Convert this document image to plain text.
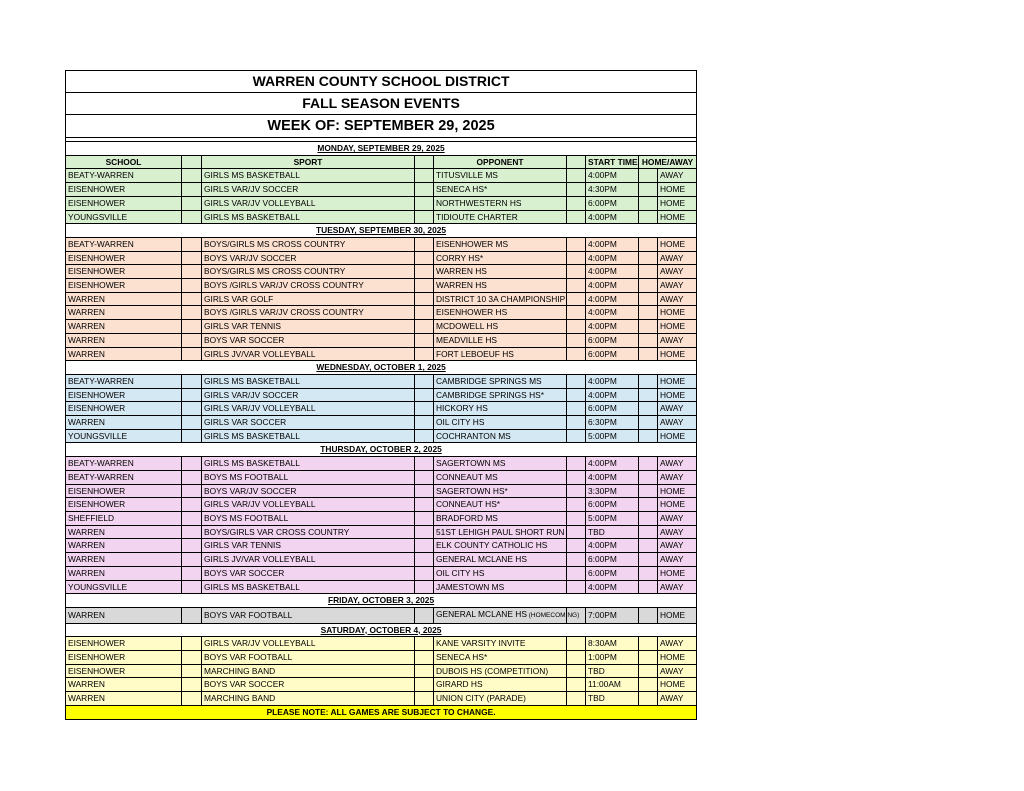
WARREN COUNTY SCHOOL DISTRICT								
FALL SEASON EVENTS								
WEEK OF: SEPTEMBER 29, 2025								

MONDAY, SEPTEMBER 29, 2025								
SCHOOL		SPORT		OPPONENT		START TIME	HOME/AWAY	
BEATY-WARREN		GIRLS MS BASKETBALL		TITUSVILLE MS		4:00PM		AWAY
EISENHOWER		GIRLS VAR/JV SOCCER		SENECA HS*		4:30PM		HOME
EISENHOWER		GIRLS VAR/JV VOLLEYBALL		NORTHWESTERN HS		6:00PM		HOME
YOUNGSVILLE		GIRLS MS BASKETBALL		TIDIOUTE CHARTER		4:00PM		HOME
TUESDAY, SEPTEMBER 30, 2025								
BEATY-WARREN		BOYS/GIRLS MS CROSS COUNTRY		EISENHOWER MS		4:00PM		HOME
EISENHOWER		BOYS VAR/JV SOCCER		CORRY HS*		4:00PM		AWAY
EISENHOWER		BOYS/GIRLS MS CROSS COUNTRY		WARREN HS		4:00PM		AWAY
EISENHOWER		BOYS /GIRLS VAR/JV CROSS COUNTRY		WARREN HS		4:00PM		AWAY
WARREN		GIRLS VAR GOLF		DISTRICT 10 3A CHAMPIONSHIP		4:00PM		AWAY
WARREN		BOYS /GIRLS VAR/JV CROSS COUNTRY		EISENHOWER HS		4:00PM		HOME
WARREN		GIRLS VAR TENNIS		MCDOWELL HS		4:00PM		HOME
WARREN		BOYS VAR SOCCER		MEADVILLE HS		6:00PM		AWAY
WARREN		GIRLS JV/VAR VOLLEYBALL		FORT LEBOEUF HS		6:00PM		HOME
WEDNESDAY, OCTOBER 1, 2025								
BEATY-WARREN		GIRLS MS BASKETBALL		CAMBRIDGE SPRINGS MS		4:00PM		HOME
EISENHOWER		GIRLS VAR/JV SOCCER		CAMBRIDGE SPRINGS HS*		4:00PM		HOME
EISENHOWER		GIRLS VAR/JV VOLLEYBALL		HICKORY HS		6:00PM		AWAY
WARREN		GIRLS VAR SOCCER		OIL CITY HS		6:30PM		AWAY
YOUNGSVILLE		GIRLS MS BASKETBALL		COCHRANTON MS		5:00PM		HOME
THURSDAY, OCTOBER 2, 2025								
BEATY-WARREN		GIRLS MS BASKETBALL		SAGERTOWN MS		4:00PM		AWAY
BEATY-WARREN		BOYS MS FOOTBALL		CONNEAUT MS		4:00PM		AWAY
EISENHOWER		BOYS VAR/JV SOCCER		SAGERTOWN HS*		3:30PM		HOME
EISENHOWER		GIRLS VAR/JV VOLLEYBALL		CONNEAUT HS*		6:00PM		HOME
SHEFFIELD		BOYS MS FOOTBALL		BRADFORD MS		5:00PM		AWAY
WARREN		BOYS/GIRLS VAR CROSS COUNTRY		51ST LEHIGH PAUL SHORT RUN		TBD		AWAY
WARREN		GIRLS VAR TENNIS		ELK COUNTY CATHOLIC HS		4:00PM		AWAY
WARREN		GIRLS JV/VAR VOLLEYBALL		GENERAL MCLANE HS		6:00PM		AWAY
WARREN		BOYS VAR SOCCER		OIL CITY HS		6:00PM		HOME
YOUNGSVILLE		GIRLS MS BASKETBALL		JAMESTOWN MS		4:00PM		AWAY
FRIDAY, OCTOBER 3, 2025								
WARREN		BOYS VAR FOOTBALL		GENERAL MCLANE HS (HOMECOMING)		7:00PM		HOME
SATURDAY, OCTOBER 4, 2025								
EISENHOWER		GIRLS VAR/JV VOLLEYBALL		KANE VARSITY INVITE		8:30AM		AWAY
EISENHOWER		BOYS VAR FOOTBALL		SENECA HS*		1:00PM		HOME
EISENHOWER		MARCHING BAND		DUBOIS HS (COMPETITION)		TBD		AWAY
WARREN		BOYS VAR SOCCER		GIRARD HS		11:00AM		HOME
WARREN		MARCHING BAND		UNION CITY (PARADE)		TBD		AWAY
PLEASE NOTE: ALL GAMES ARE SUBJECT TO CHANGE.								
